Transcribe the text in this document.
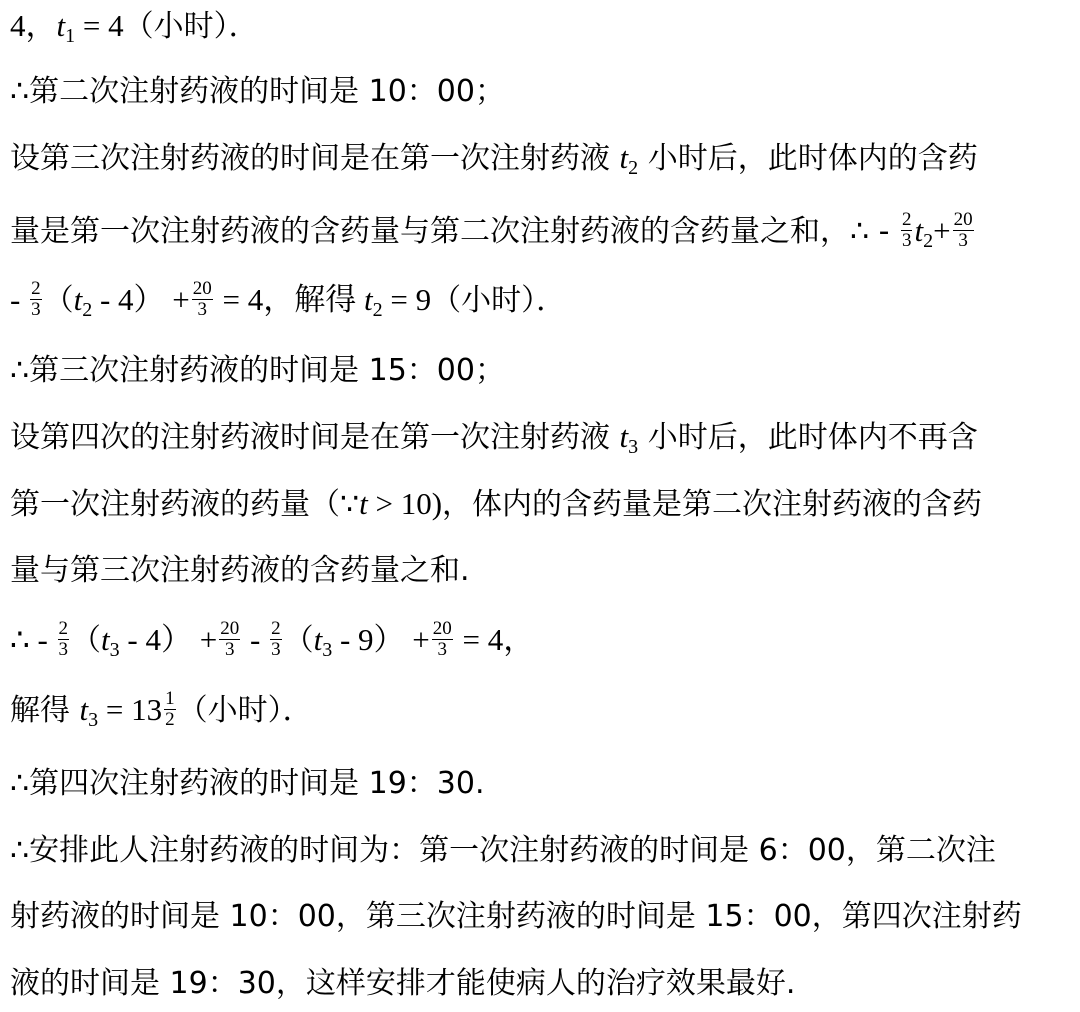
4，$t_1 = 4$（小时）．
∴第二次注射药液的时间是 10：00；
设第三次注射药液的时间是在第一次注射药液 $t_2$ 小时后，此时体内的含药
量是第一次注射药液的含药量与第二次注射药液的含药量之和，∴ - $\frac{2}{3} t_2+ \frac{20}{3}$
- $\frac{2}{3} (t_2 - 4) + \frac{20}{3} = 4$，解得 $t_2 = 9$（小时）．
∴第三次注射药液的时间是 15：00；
设第四次的注射药液时间是在第一次注射药液 $t_3$ 小时后，此时体内不再含
第一次注射药液的药量（∵t > 10)，体内的含药量是第二次注射药液的含药
量与第三次注射药液的含药量之和.
∴ - $\frac{2}{3} (t_3 - 4) + \frac{20}{3} - \frac{2}{3} (t_3 - 9) + \frac{20}{3} = 4$，
解得 $t_3 = 13 \frac{1}{2}$ （小时）．
∴第四次注射药液的时间是 19：30.
∴安排此人注射药液的时间为：第一次注射药液的时间是 6：00，第二次注
射药液的时间是 10：00，第三次注射药液的时间是 15：00，第四次注射药
液的时间是 19：30，这样安排才能使病人的治疗效果最好.
